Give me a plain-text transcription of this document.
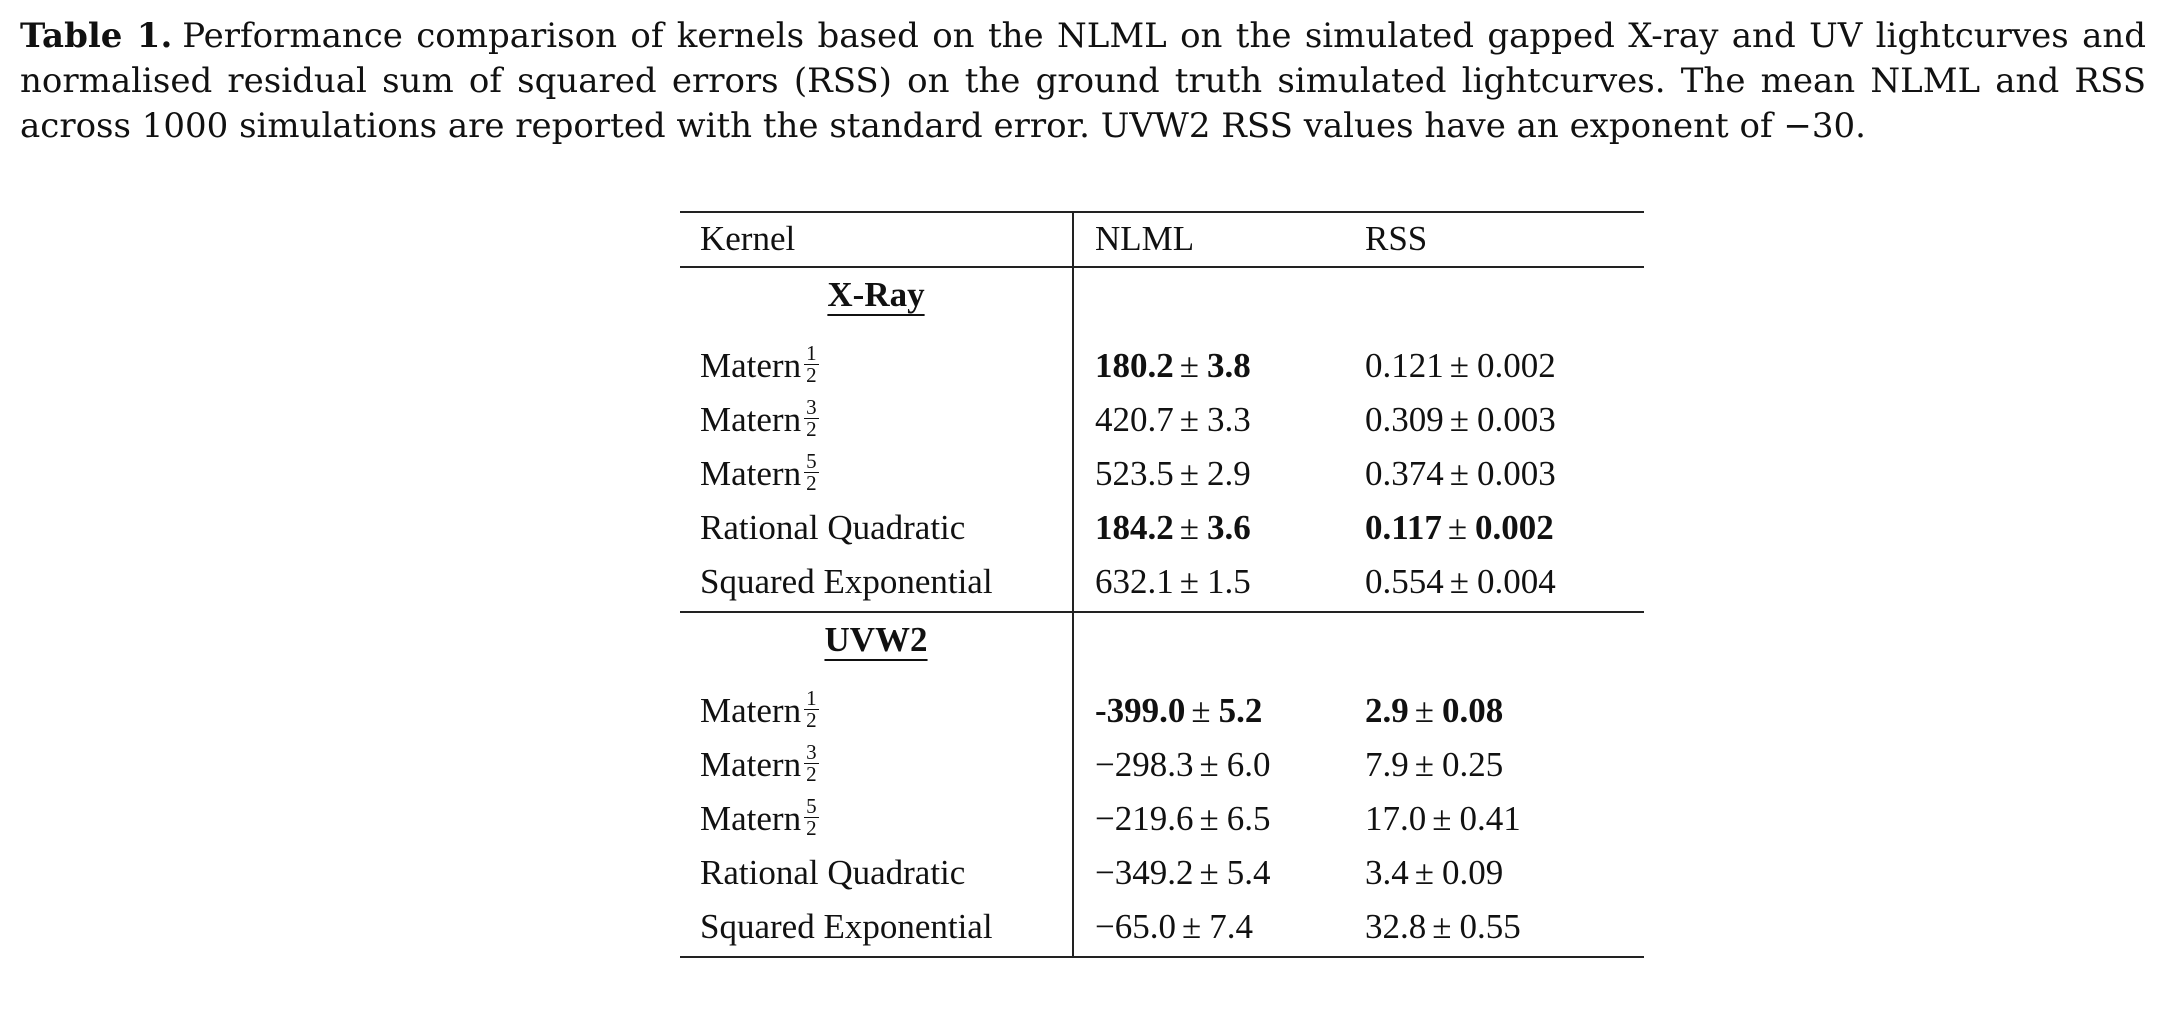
Table 1. Performance comparison of kernels based on the NLML on the simulated gapped X-ray and UV lightcurves and normalised residual sum of squared errors (RSS) on the ground truth simulated lightcurves. The mean NLML and RSS across 1000 simulations are reported with the standard error. UVW2 RSS values have an exponent of −30.
Kernel	NLML	RSS
X-Ray
Matern $\frac{1}{2}$	180.2 ± 3.8	0.121 ± 0.002
Matern $\frac{3}{2}$	420.7 ± 3.3	0.309 ± 0.003
Matern $\frac{5}{2}$	523.5 ± 2.9	0.374 ± 0.003
Rational Quadratic	184.2 ± 3.6	0.117 ± 0.002
Squared Exponential	632.1 ± 1.5	0.554 ± 0.004
UVW2
Matern $\frac{1}{2}$	-399.0 ± 5.2	2.9 ± 0.08
Matern $\frac{3}{2}$	−298.3 ± 6.0	7.9 ± 0.25
Matern $\frac{5}{2}$	−219.6 ± 6.5	17.0 ± 0.41
Rational Quadratic	−349.2 ± 5.4	3.4 ± 0.09
Squared Exponential	−65.0 ± 7.4	32.8 ± 0.55
